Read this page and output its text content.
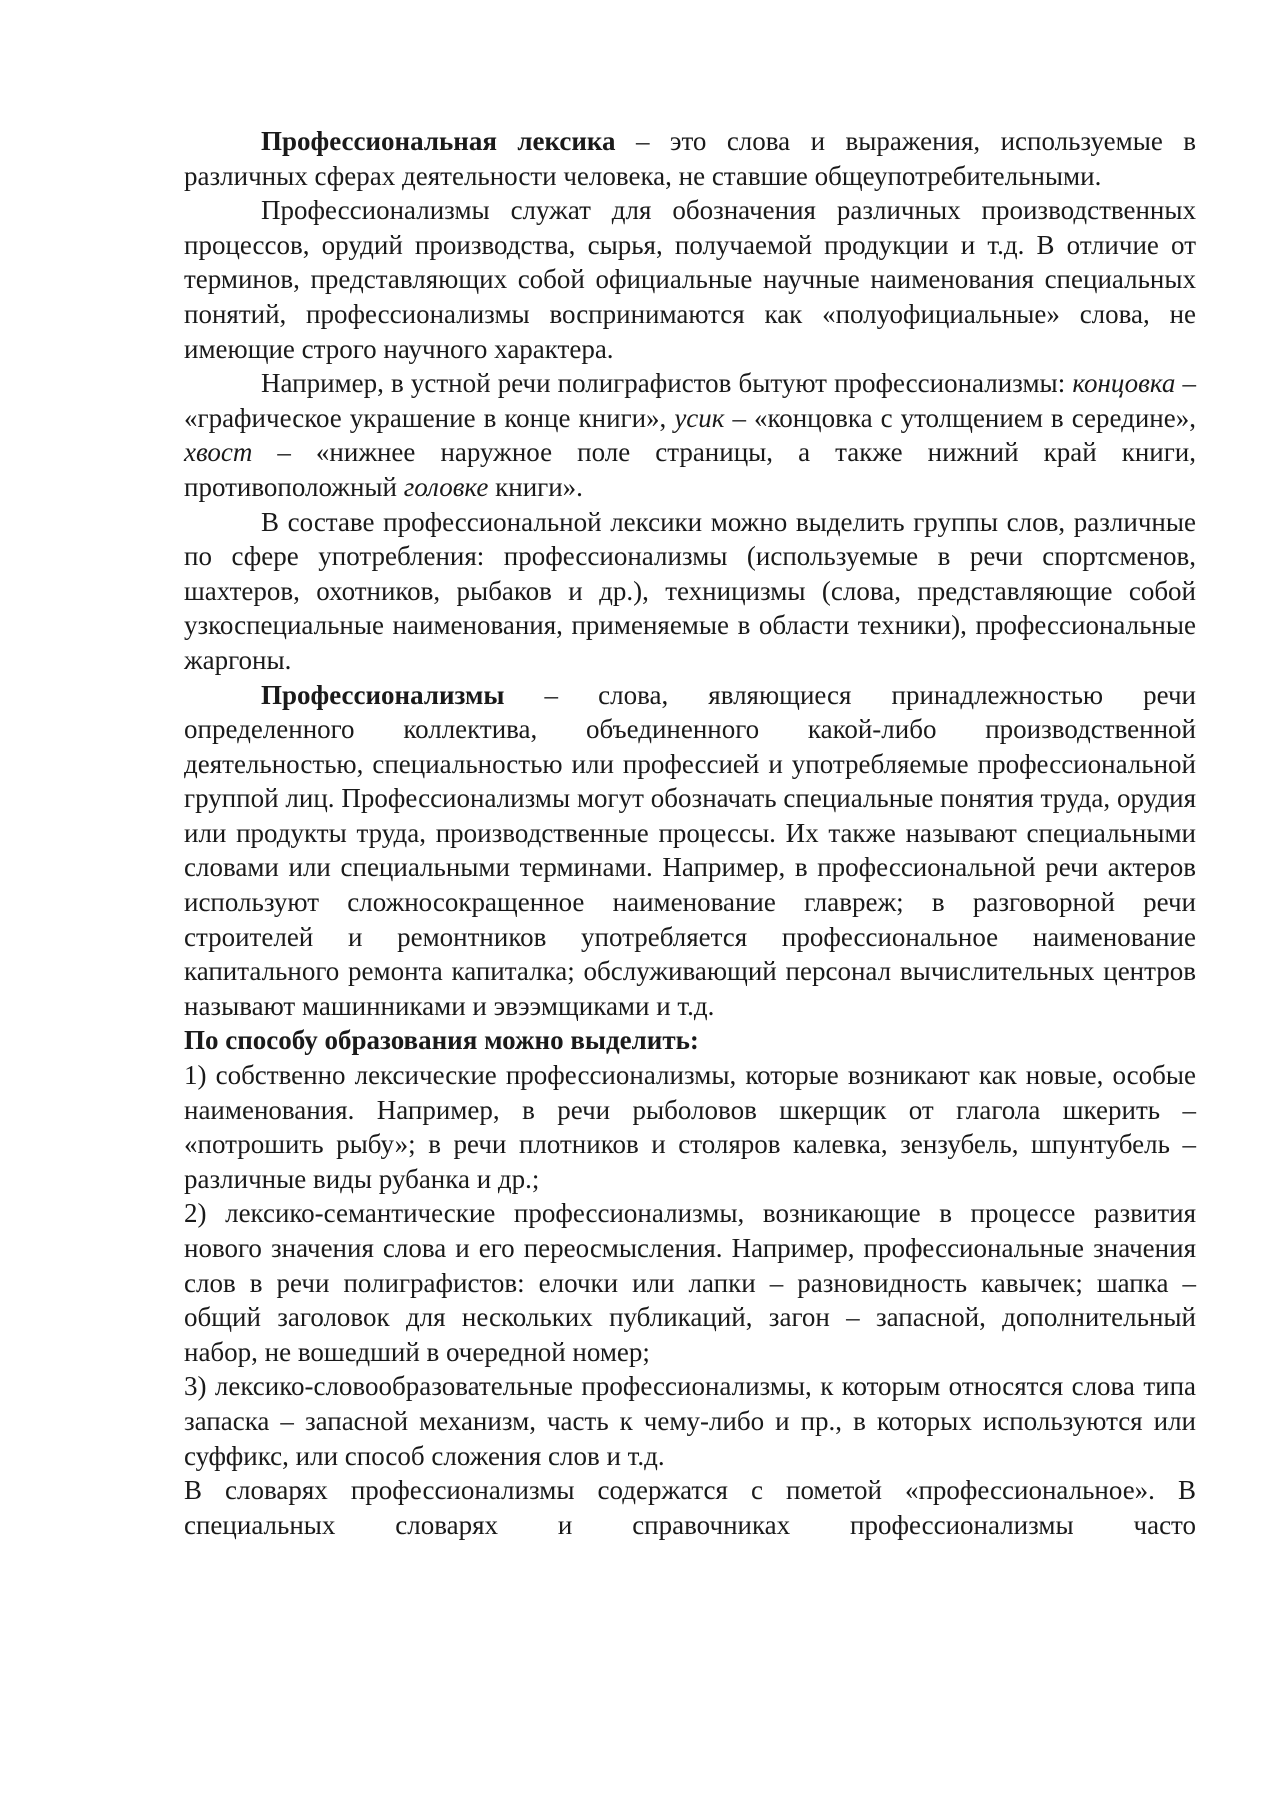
Профессиональная лексика – это слова и выражения, используемые в различных сферах деятельности человека, не ставшие общеупотребительными.

Профессионализмы служат для обозначения различных производственных процессов, орудий производства, сырья, получаемой продукции и т.д. В отличие от терминов, представляющих собой официальные научные наименования специальных понятий, профессионализмы воспринимаются как «полуофициальные» слова, не имеющие строго научного характера.

Например, в устной речи полиграфистов бытуют профессионализмы: концовка – «графическое украшение в конце книги», усик – «концовка с утолщением в середине», хвост – «нижнее наружное поле страницы, а также нижний край книги, противоположный головке книги».

В составе профессиональной лексики можно выделить группы слов, различные по сфере употребления: профессионализмы (используемые в речи спортсменов, шахтеров, охотников, рыбаков и др.), техницизмы (слова, представляющие собой узкоспециальные наименования, применяемые в области техники), профессиональные жаргоны.

Профессионализмы – слова, являющиеся принадлежностью речи определенного коллектива, объединенного какой-либо производственной деятельностью, специальностью или профессией и употребляемые профессиональной группой лиц. Профессионализмы могут обозначать специальные понятия труда, орудия или продукты труда, производственные процессы. Их также называют специальными словами или специальными терминами. Например, в профессиональной речи актеров используют сложносокращенное наименование главреж; в разговорной речи строителей и ремонтников употребляется профессиональное наименование капитального ремонта капиталка; обслуживающий персонал вычислительных центров называют машинниками и эвээмщиками и т.д.

По способу образования можно выделить:

1) собственно лексические профессионализмы, которые возникают как новые, особые наименования. Например, в речи рыболовов шкерщик от глагола шкерить – «потрошить рыбу»; в речи плотников и столяров калевка, зензубель, шпунтубель – различные виды рубанка и др.;

2) лексико-семантические профессионализмы, возникающие в процессе развития нового значения слова и его переосмысления. Например, профессиональные значения слов в речи полиграфистов: елочки или лапки – разновидность кавычек; шапка – общий заголовок для нескольких публикаций, загон – запасной, дополнительный набор, не вошедший в очередной номер;

3) лексико-словообразовательные профессионализмы, к которым относятся слова типа запаска – запасной механизм, часть к чему-либо и пр., в которых используются или суффикс, или способ сложения слов и т.д.

В словарях профессионализмы содержатся с пометой «профессиональное». В специальных словарях и справочниках профессионализмы часто
